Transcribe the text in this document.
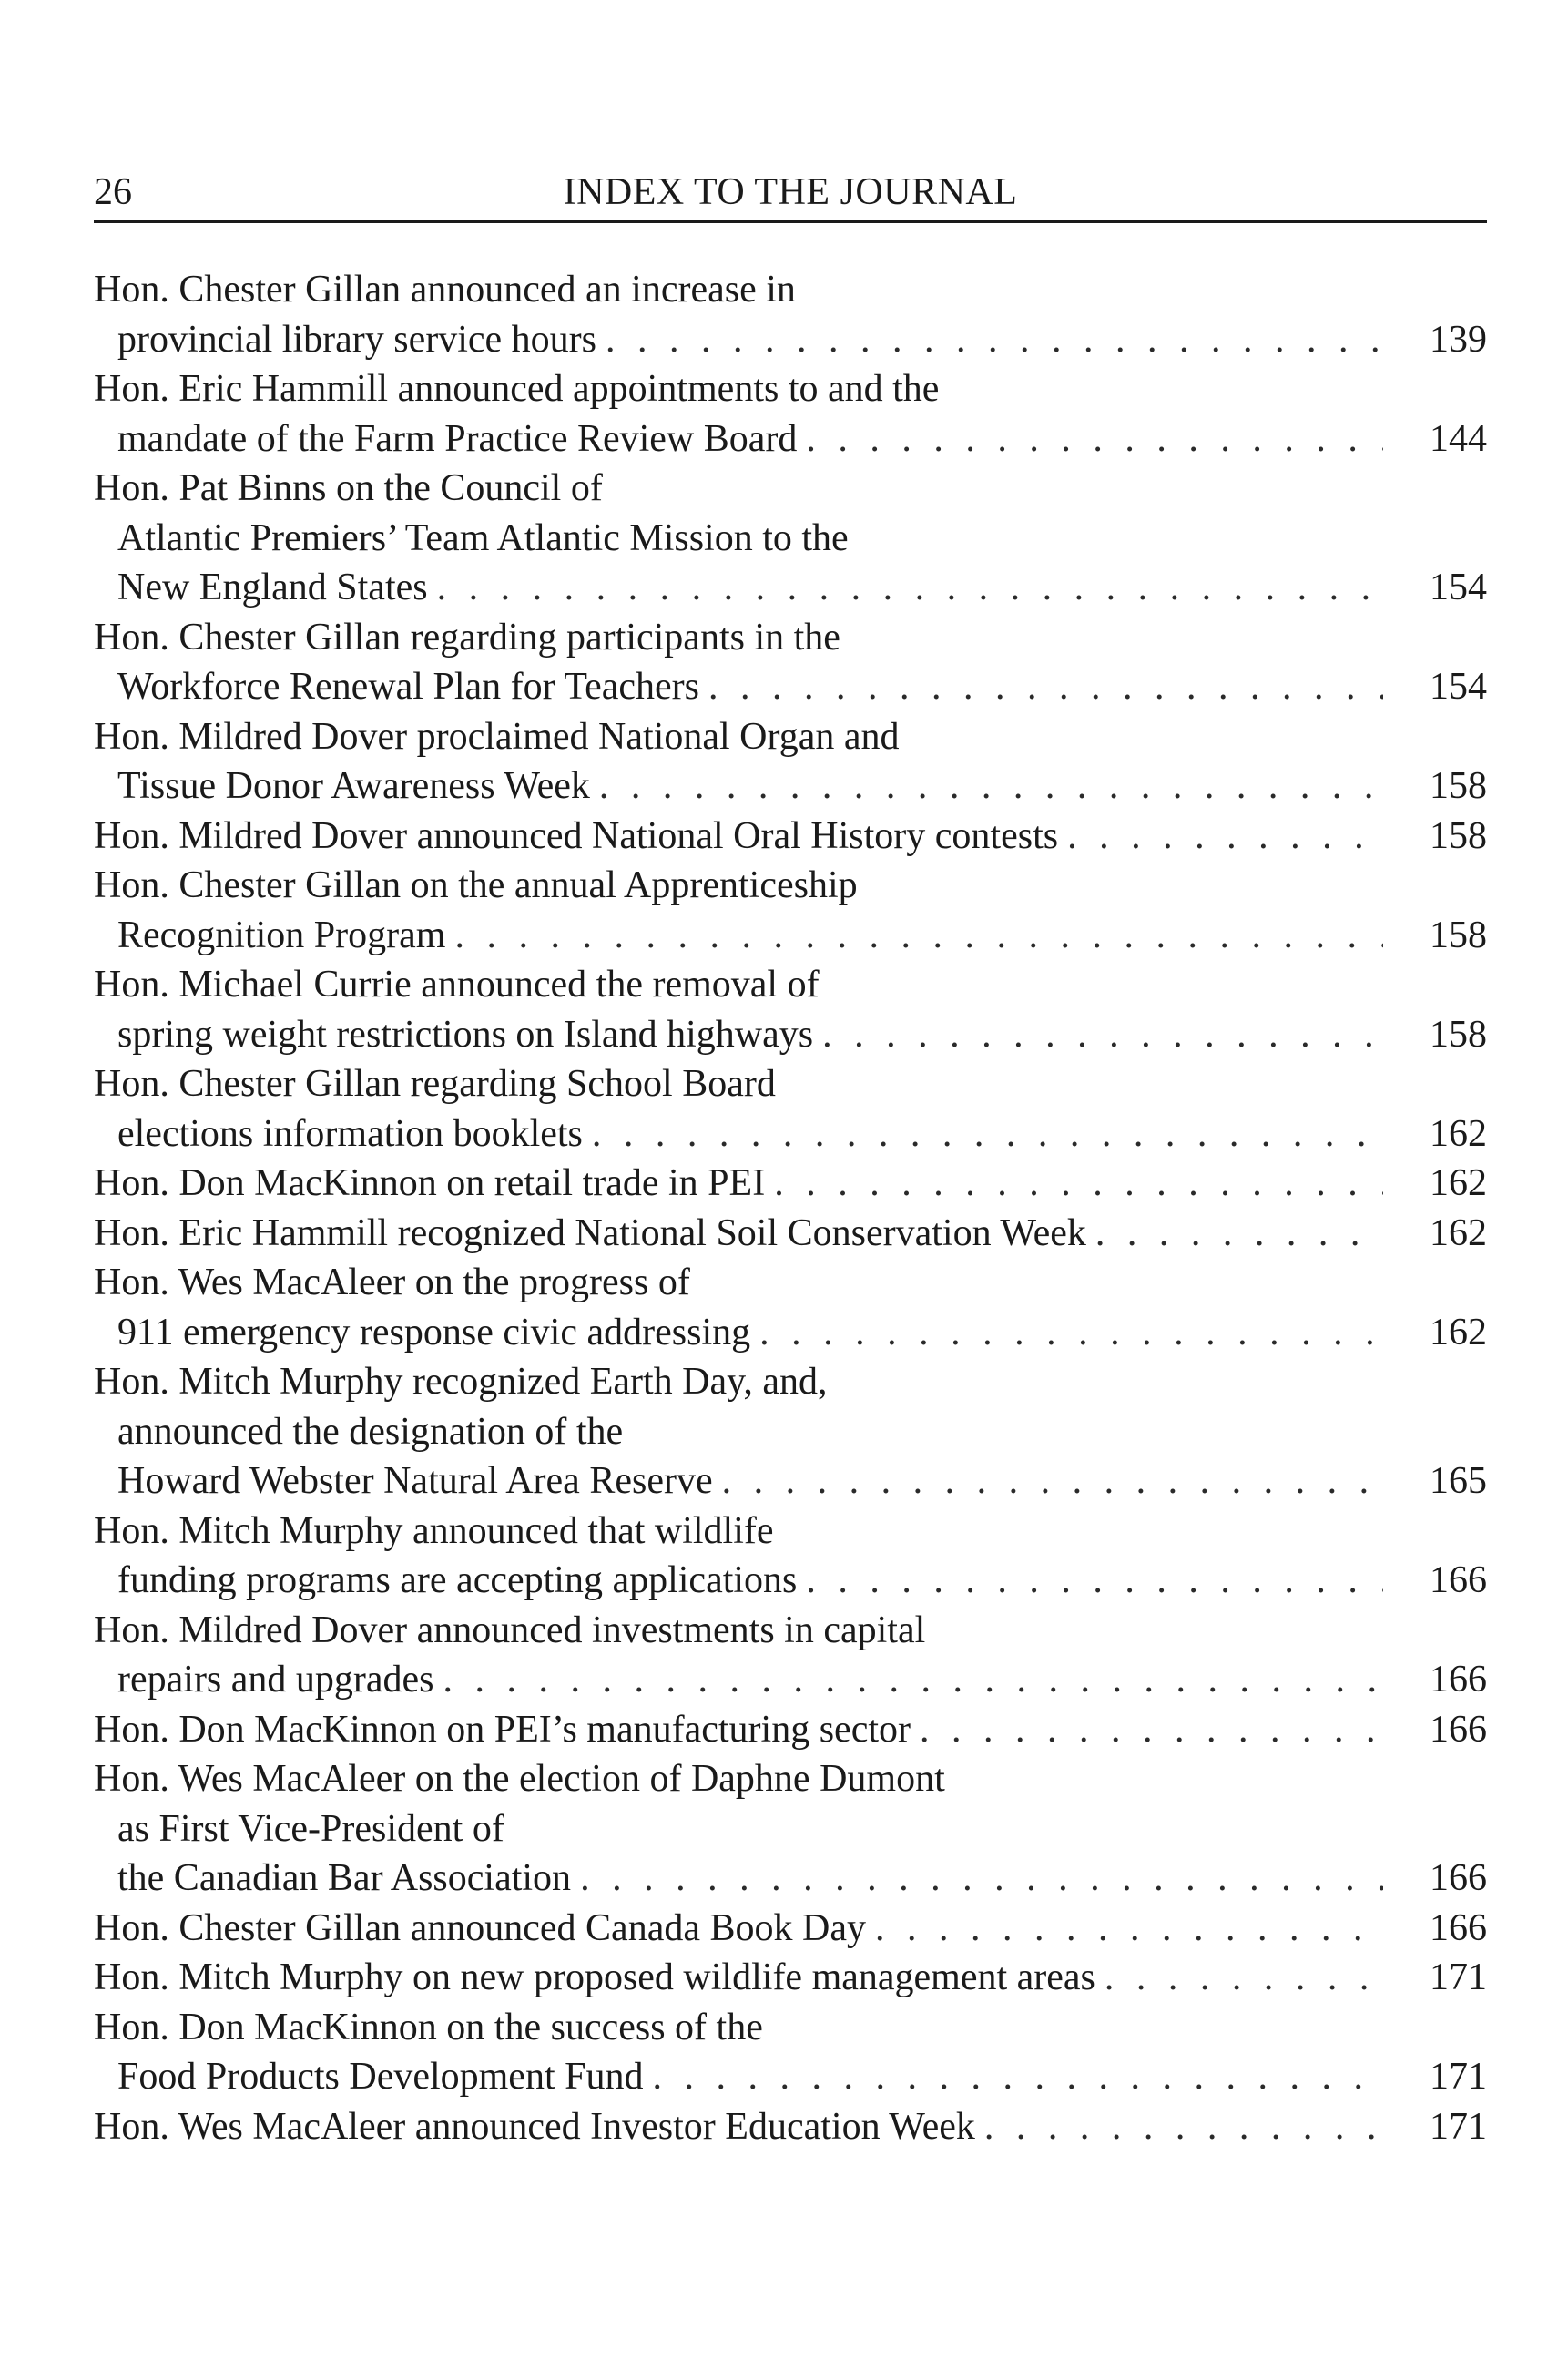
26	INDEX TO THE JOURNAL
Hon. Chester Gillan announced an increase in
provincial library service hours . . .	139
Hon. Eric Hammill announced appointments to and the
mandate of the Farm Practice Review Board . . .	144
Hon. Pat Binns on the Council of
Atlantic Premiers’ Team Atlantic Mission to the
New England States . . .	154
Hon. Chester Gillan regarding participants in the
Workforce Renewal Plan for Teachers . . .	154
Hon. Mildred Dover proclaimed National Organ and
Tissue Donor Awareness Week . . .	158
Hon. Mildred Dover announced National Oral History contests . . .	158
Hon. Chester Gillan on the annual Apprenticeship
Recognition Program . . .	158
Hon. Michael Currie announced the removal of
spring weight restrictions on Island highways . . .	158
Hon. Chester Gillan regarding School Board
elections information booklets . . .	162
Hon. Don MacKinnon on retail trade in PEI . . .	162
Hon. Eric Hammill recognized National Soil Conservation Week . . .	162
Hon. Wes MacAleer on the progress of
911 emergency response civic addressing . . .	162
Hon. Mitch Murphy recognized Earth Day, and,
announced the designation of the
Howard Webster Natural Area Reserve . . .	165
Hon. Mitch Murphy announced that wildlife
funding programs are accepting applications . . .	166
Hon. Mildred Dover announced investments in capital
repairs and upgrades . . .	166
Hon. Don MacKinnon on PEI’s manufacturing sector . . .	166
Hon. Wes MacAleer on the election of Daphne Dumont
as First Vice-President of
the Canadian Bar Association . . .	166
Hon. Chester Gillan announced Canada Book Day . . .	166
Hon. Mitch Murphy on new proposed wildlife management areas . . .	171
Hon. Don MacKinnon on the success of the
Food Products Development Fund . . .	171
Hon. Wes MacAleer announced Investor Education Week . . .	171
